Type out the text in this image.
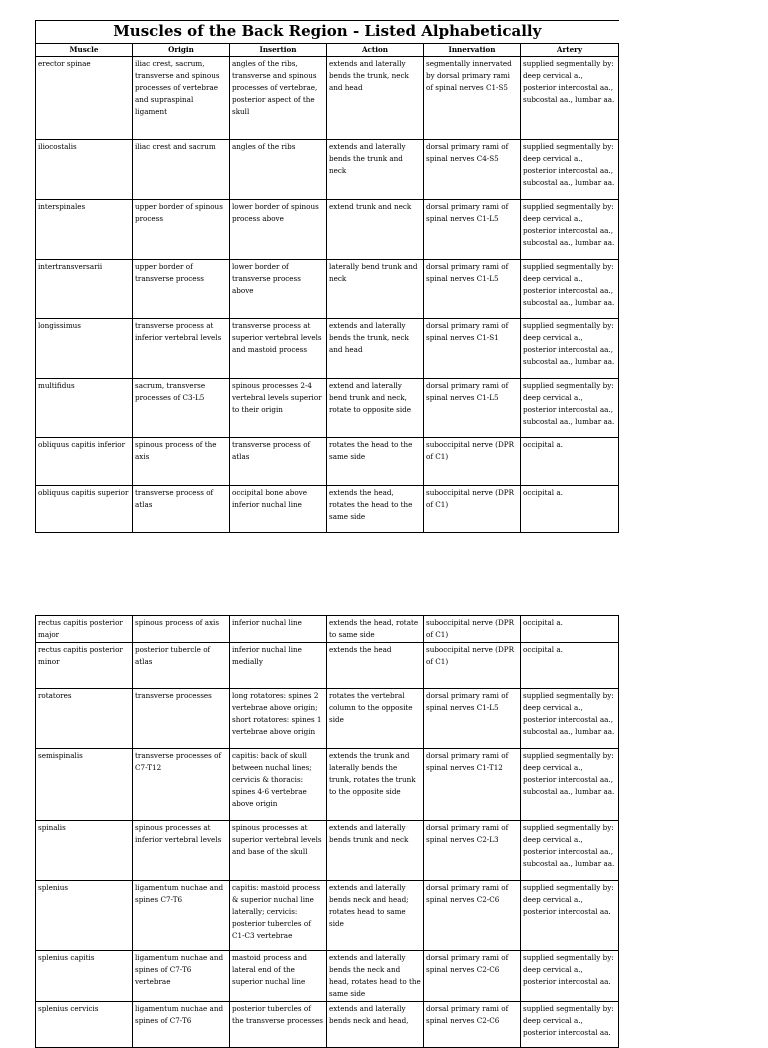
Muscles of the Back Region - Listed Alphabetically					
Muscle	Origin	Insertion	Action	Innervation	Artery
erector spinae	iliac crest, sacrum, transverse and spinous processes of vertebrae and supraspinal ligament	angles of the ribs, transverse and spinous processes of vertebrae, posterior aspect of the skull	extends and laterally bends the trunk, neck and head	segmentally innervated by dorsal primary rami of spinal nerves C1-S5	supplied segmentally by: deep cervical a., posterior intercostal aa., subcostal aa., lumbar aa.
iliocostalis	iliac crest and sacrum	angles of the ribs	extends and laterally bends the trunk and neck	dorsal primary rami of spinal nerves C4-S5	supplied segmentally by: deep cervical a., posterior intercostal aa., subcostal aa., lumbar aa.
interspinales	upper border of spinous process	lower border of spinous process above	extend trunk and neck	dorsal primary rami of spinal nerves C1-L5	supplied segmentally by: deep cervical a., posterior intercostal aa., subcostal aa., lumbar aa.
intertransversarii	upper border of transverse process	lower border of transverse process above	laterally bend trunk and neck	dorsal primary rami of spinal nerves C1-L5	supplied segmentally by: deep cervical a., posterior intercostal aa., subcostal aa., lumbar aa.
longissimus	transverse process at inferior vertebral levels	transverse process at superior vertebral levels and mastoid process	extends and laterally bends the trunk, neck and head	dorsal primary rami of spinal nerves C1-S1	supplied segmentally by: deep cervical a., posterior intercostal aa., subcostal aa., lumbar aa.
multifidus	sacrum, transverse processes of C3-L5	spinous processes 2-4 vertebral levels superior to their origin	extend and laterally bend trunk and neck, rotate to opposite side	dorsal primary rami of spinal nerves C1-L5	supplied segmentally by: deep cervical a., posterior intercostal aa., subcostal aa., lumbar aa.
obliquus capitis inferior	spinous process of the axis	transverse process of atlas	rotates the head to the same side	suboccipital nerve (DPR of C1)	occipital a.
obliquus capitis superior	transverse process of atlas	occipital bone above inferior nuchal line	extends the head, rotates the head to the same side	suboccipital nerve (DPR of C1)	occipital a.
rectus capitis posterior major	spinous process of axis	inferior nuchal line	extends the head, rotate to same side	suboccipital nerve (DPR of C1)	occipital a.
rectus capitis posterior minor	posterior tubercle of atlas	inferior nuchal line medially	extends the head	suboccipital nerve (DPR of C1)	occipital a.
rotatores	transverse processes	long rotatores: spines 2 vertebrae above origin; short rotatores: spines 1 vertebrae above origin	rotates the vertebral column to the opposite side	dorsal primary rami of spinal nerves C1-L5	supplied segmentally by: deep cervical a., posterior intercostal aa., subcostal aa., lumbar aa.
semispinalis	transverse processes of C7-T12	capitis: back of skull between nuchal lines; cervicis & thoracis: spines 4-6 vertebrae above origin	extends the trunk and laterally bends the trunk, rotates the trunk to the opposite side	dorsal primary rami of spinal nerves C1-T12	supplied segmentally by: deep cervical a., posterior intercostal aa., subcostal aa., lumbar aa.
spinalis	spinous processes at inferior vertebral levels	spinous processes at superior vertebral levels and base of the skull	extends and laterally bends trunk and neck	dorsal primary rami of spinal nerves C2-L3	supplied segmentally by: deep cervical a., posterior intercostal aa., subcostal aa., lumbar aa.
splenius	ligamentum nuchae and spines C7-T6	capitis: mastoid process & superior nuchal line laterally; cervicis: posterior tubercles of C1-C3 vertebrae	extends and laterally bends neck and head; rotates head to same side	dorsal primary rami of spinal nerves C2-C6	supplied segmentally by: deep cervical a., posterior intercostal aa.
splenius capitis	ligamentum nuchae and spines of C7-T6 vertebrae	mastoid process and lateral end of the superior nuchal line	extends and laterally bends the neck and head, rotates head to the same side	dorsal primary rami of spinal nerves C2-C6	supplied segmentally by: deep cervical a., posterior intercostal aa.
splenius cervicis	ligamentum nuchae and spines of C7-T6	posterior tubercles of the transverse processes	extends and laterally bends neck and head,	dorsal primary rami of spinal nerves C2-C6	supplied segmentally by: deep cervical a., posterior intercostal aa.
